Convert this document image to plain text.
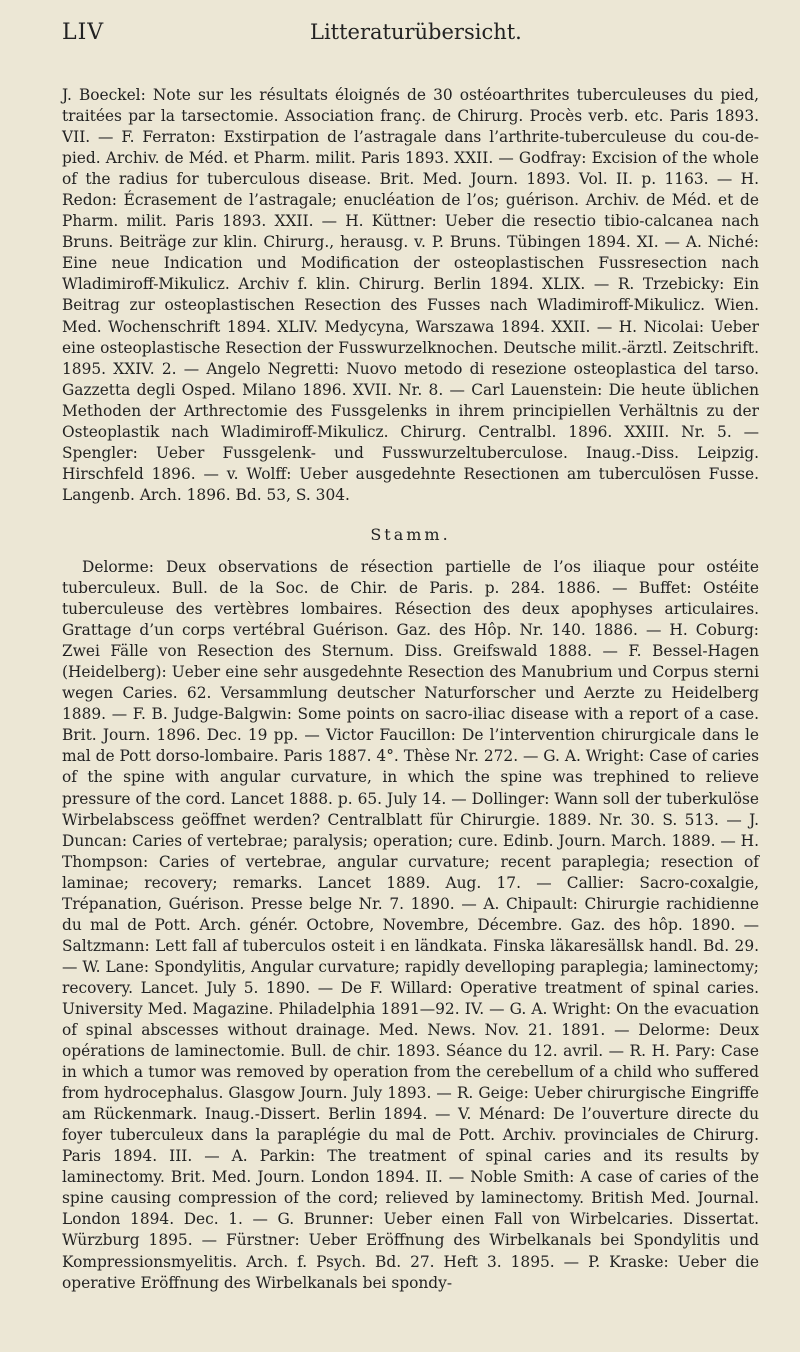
LIV	Litteraturübersicht.

J. Boeckel: Note sur les résultats éloignés de 30 ostéoarthrites tuberculeuses du pied, traitées par la tarsectomie. Association franç. de Chirurg. Procès verb. etc. Paris 1893. VII. — F. Ferraton: Exstirpation de l’astragale dans l’arthrite-tuberculeuse du cou-de-pied. Archiv. de Méd. et Pharm. milit. Paris 1893. XXII. — Godfray: Excision of the whole of the radius for tuberculous disease. Brit. Med. Journ. 1893. Vol. II. p. 1163. — H. Redon: Écrasement de l’astragale; enucléation de l’os; guérison. Archiv. de Méd. et de Pharm. milit. Paris 1893. XXII. — H. Küttner: Ueber die resectio tibio-calcanea nach Bruns. Beiträge zur klin. Chirurg., herausg. v. P. Bruns. Tübingen 1894. XI. — A. Niché: Eine neue Indication und Modification der osteoplastischen Fussresection nach Wladimiroff-Mikulicz. Archiv f. klin. Chirurg. Berlin 1894. XLIX. — R. Trzebicky: Ein Beitrag zur osteoplastischen Resection des Fusses nach Wladimiroff-Mikulicz. Wien. Med. Wochenschrift 1894. XLIV. Medycyna, Warszawa 1894. XXII. — H. Nicolai: Ueber eine osteoplastische Resection der Fusswurzelknochen. Deutsche milit.-ärztl. Zeitschrift. 1895. XXIV. 2. — Angelo Negretti: Nuovo metodo di resezione osteoplastica del tarso. Gazzetta degli Osped. Milano 1896. XVII. Nr. 8. — Carl Lauenstein: Die heute üblichen Methoden der Arthrectomie des Fussgelenks in ihrem principiellen Verhältnis zu der Osteoplastik nach Wladimiroff-Mikulicz. Chirurg. Centralbl. 1896. XXIII. Nr. 5. — Spengler: Ueber Fussgelenk- und Fusswurzeltuberculose. Inaug.-Diss. Leipzig. Hirschfeld 1896. — v. Wolff: Ueber ausgedehnte Resectionen am tuberculösen Fusse. Langenb. Arch. 1896. Bd. 53, S. 304.

Stamm.

Delorme: Deux observations de résection partielle de l’os iliaque pour ostéite tuberculeux. Bull. de la Soc. de Chir. de Paris. p. 284. 1886. — Buffet: Ostéite tuberculeuse des vertèbres lombaires. Résection des deux apophyses articulaires. Grattage d’un corps vertébral Guérison. Gaz. des Hôp. Nr. 140. 1886. — H. Coburg: Zwei Fälle von Resection des Sternum. Diss. Greifswald 1888. — F. Bessel-Hagen (Heidelberg): Ueber eine sehr ausgedehnte Resection des Manubrium und Corpus sterni wegen Caries. 62. Versammlung deutscher Naturforscher und Aerzte zu Heidelberg 1889. — F. B. Judge-Balgwin: Some points on sacro-iliac disease with a report of a case. Brit. Journ. 1896. Dec. 19 pp. — Victor Faucillon: De l’intervention chirurgicale dans le mal de Pott dorso-lombaire. Paris 1887. 4°. Thèse Nr. 272. — G. A. Wright: Case of caries of the spine with angular curvature, in which the spine was trephined to relieve pressure of the cord. Lancet 1888. p. 65. July 14. — Dollinger: Wann soll der tuberkulöse Wirbelabscess geöffnet werden? Centralblatt für Chirurgie. 1889. Nr. 30. S. 513. — J. Duncan: Caries of vertebrae; paralysis; operation; cure. Edinb. Journ. March. 1889. — H. Thompson: Caries of vertebrae, angular curvature; recent paraplegia; resection of laminae; recovery; remarks. Lancet 1889. Aug. 17. — Callier: Sacro-coxalgie, Trépanation, Guérison. Presse belge Nr. 7. 1890. — A. Chipault: Chirurgie rachidienne du mal de Pott. Arch. génér. Octobre, Novembre, Décembre. Gaz. des hôp. 1890. — Saltzmann: Lett fall af tuberculos osteit i en ländkata. Finska läkaresällsk handl. Bd. 29. — W. Lane: Spondylitis, Angular curvature; rapidly develloping paraplegia; laminectomy; recovery. Lancet. July 5. 1890. — De F. Willard: Operative treatment of spinal caries. University Med. Magazine. Philadelphia 1891—92. IV. — G. A. Wright: On the evacuation of spinal abscesses without drainage. Med. News. Nov. 21. 1891. — Delorme: Deux opérations de laminectomie. Bull. de chir. 1893. Séance du 12. avril. — R. H. Pary: Case in which a tumor was removed by operation from the cerebellum of a child who suffered from hydrocephalus. Glasgow Journ. July 1893. — R. Geige: Ueber chirurgische Eingriffe am Rückenmark. Inaug.-Dissert. Berlin 1894. — V. Ménard: De l’ouverture directe du foyer tuberculeux dans la paraplégie du mal de Pott. Archiv. provinciales de Chirurg. Paris 1894. III. — A. Parkin: The treatment of spinal caries and its results by laminectomy. Brit. Med. Journ. London 1894. II. — Noble Smith: A case of caries of the spine causing compression of the cord; relieved by laminectomy. British Med. Journal. London 1894. Dec. 1. — G. Brunner: Ueber einen Fall von Wirbelcaries. Dissertat. Würzburg 1895. — Fürstner: Ueber Eröffnung des Wirbelkanals bei Spondylitis und Kompressionsmyelitis. Arch. f. Psych. Bd. 27. Heft 3. 1895. — P. Kraske: Ueber die operative Eröffnung des Wirbelkanals bei spondy-
